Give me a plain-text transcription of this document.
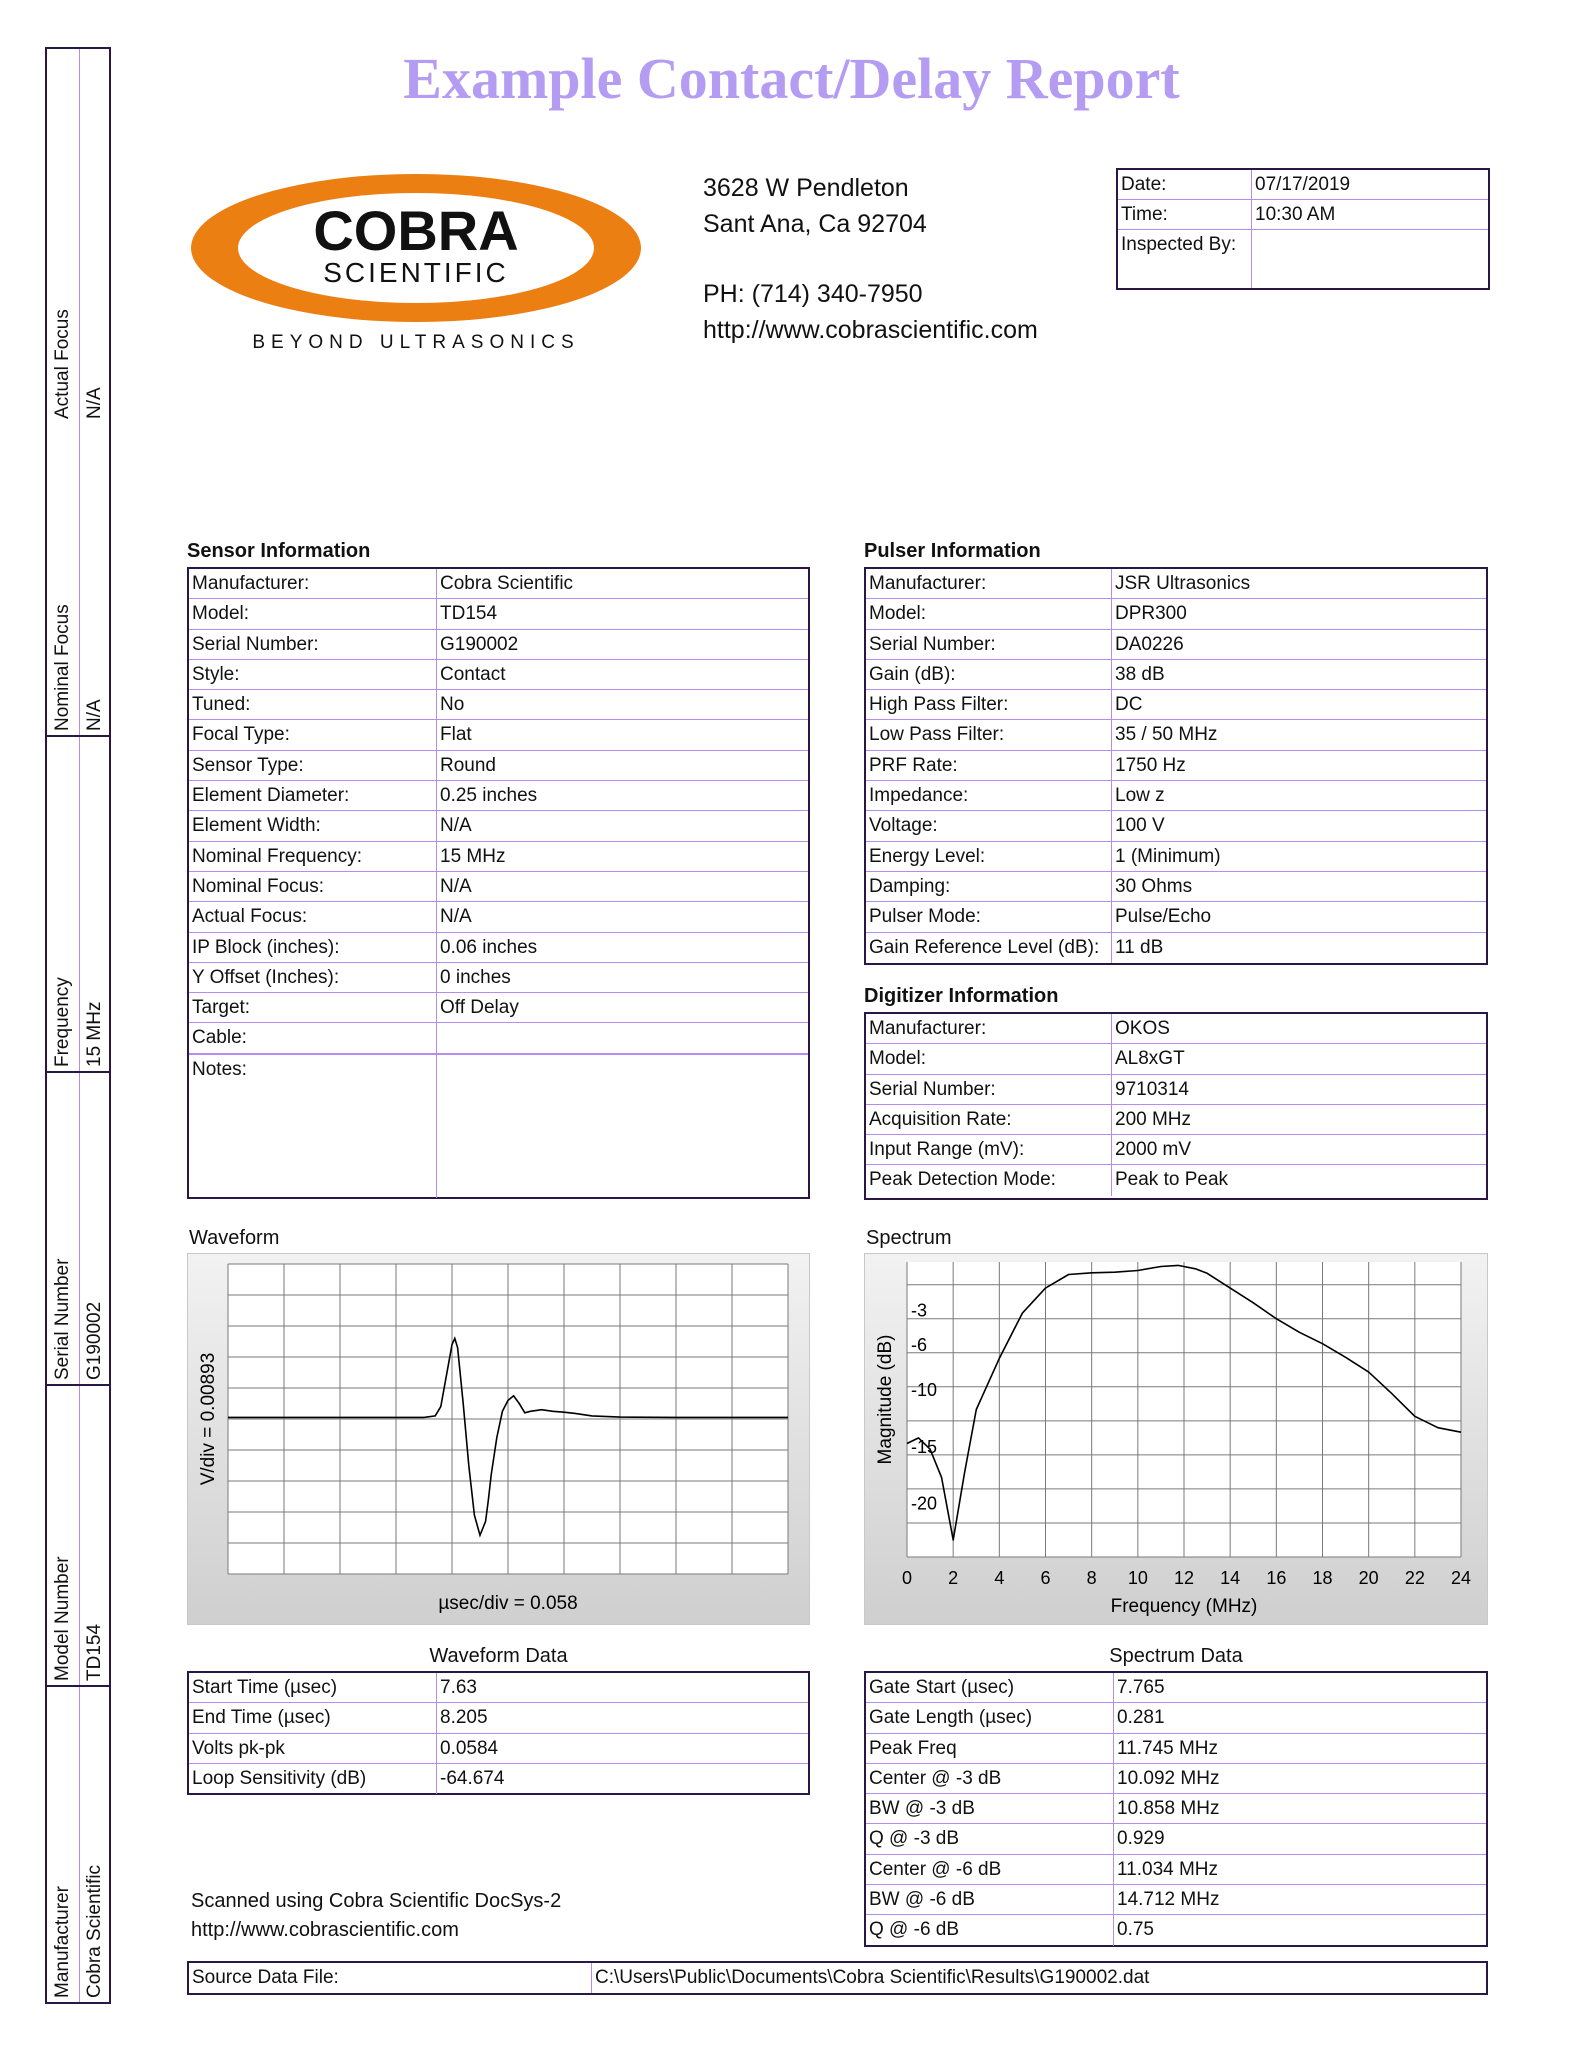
Manufacturer Cobra Scientific
Model Number TD154
Serial Number G190002
Frequency 15 MHz
Nominal Focus N/A
Actual Focus N/A
Example Contact/Delay Report
COBRA
SCIENTIFIC
BEYOND ULTRASONICS
3628 W Pendleton
Sant Ana, Ca 92704
PH: (714) 340-7950
http://www.cobrascientific.com
Date:	07/17/2019
Time:	10:30 AM
Inspected By:
Sensor Information
Manufacturer:	Cobra Scientific
Model:	TD154
Serial Number:	G190002
Style:	Contact
Tuned:	No
Focal Type:	Flat
Sensor Type:	Round
Element Diameter:	0.25 inches
Element Width:	N/A
Nominal Frequency:	15 MHz
Nominal Focus:	N/A
Actual Focus:	N/A
IP Block (inches):	0.06 inches
Y Offset (Inches):	0 inches
Target:	Off Delay
Cable:
Notes:
Pulser Information
Manufacturer:	JSR Ultrasonics
Model:	DPR300
Serial Number:	DA0226
Gain (dB):	38 dB
High Pass Filter:	DC
Low Pass Filter:	35 / 50 MHz
PRF Rate:	1750 Hz
Impedance:	Low z
Voltage:	100 V
Energy Level:	1 (Minimum)
Damping:	30 Ohms
Pulser Mode:	Pulse/Echo
Gain Reference Level (dB): 11 dB
Digitizer Information
Manufacturer:	OKOS
Model:	AL8xGT
Serial Number:	9710314
Acquisition Rate:	200 MHz
Input Range (mV):	2000 mV
Peak Detection Mode:	Peak to Peak
Waveform
µsec/div = 0.058
V/div = 0.00893
Spectrum
0 2 4 6 8 10 12 14 16 18 20 22 24
-3
-6
-10
-15
-20
Frequency (MHz)
Magnitude (dB)
Waveform Data
Start Time (µsec)	7.63
End Time (µsec)	8.205
Volts pk-pk	0.0584
Loop Sensitivity (dB)	-64.674
Spectrum Data
Gate Start (µsec)	7.765
Gate Length (µsec)	0.281
Peak Freq	11.745 MHz
Center @ -3 dB	10.092 MHz
BW @ -3 dB	10.858 MHz
Q @ -3 dB	0.929
Center @ -6 dB	11.034 MHz
BW @ -6 dB	14.712 MHz
Q @ -6 dB	0.75
Scanned using Cobra Scientific DocSys-2
http://www.cobrascientific.com
Source Data File:	C:\Users\Public\Documents\Cobra Scientific\Results\G190002.dat
